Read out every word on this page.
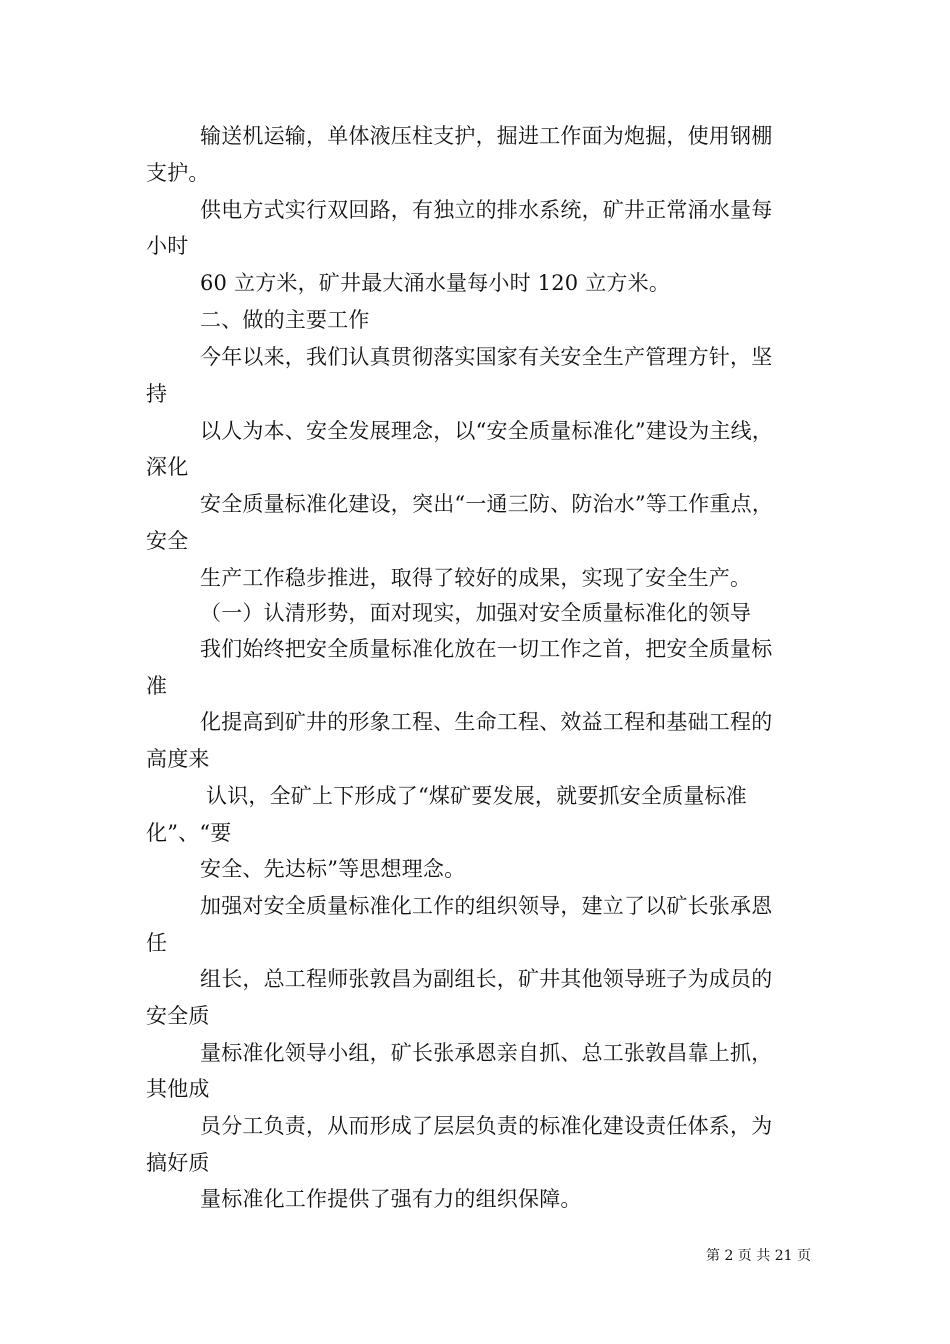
输送机运输，单体液压柱支护，掘进工作面为炮掘，使用钢棚
支护。
供电方式实行双回路，有独立的排水系统，矿井正常涌水量每
小时
60 立方米，矿井最大涌水量每小时 120 立方米。
二、做的主要工作
今年以来，我们认真贯彻落实国家有关安全生产管理方针，坚
持
以人为本、安全发展理念，以“安全质量标准化”建设为主线，
深化
安全质量标准化建设，突出“一通三防、防治水”等工作重点，
安全
生产工作稳步推进，取得了较好的成果，实现了安全生产。
（一）认清形势，面对现实，加强对安全质量标准化的领导
我们始终把安全质量标准化放在一切工作之首，把安全质量标
准
化提高到矿井的形象工程、生命工程、效益工程和基础工程的
高度来
认识，全矿上下形成了“煤矿要发展，就要抓安全质量标准
化”、“要
安全、先达标”等思想理念。
加强对安全质量标准化工作的组织领导，建立了以矿长张承恩
任
组长，总工程师张敦昌为副组长，矿井其他领导班子为成员的
安全质
量标准化领导小组，矿长张承恩亲自抓、总工张敦昌靠上抓，
其他成
员分工负责，从而形成了层层负责的标准化建设责任体系，为
搞好质
量标准化工作提供了强有力的组织保障。
第 2 页 共 21 页
